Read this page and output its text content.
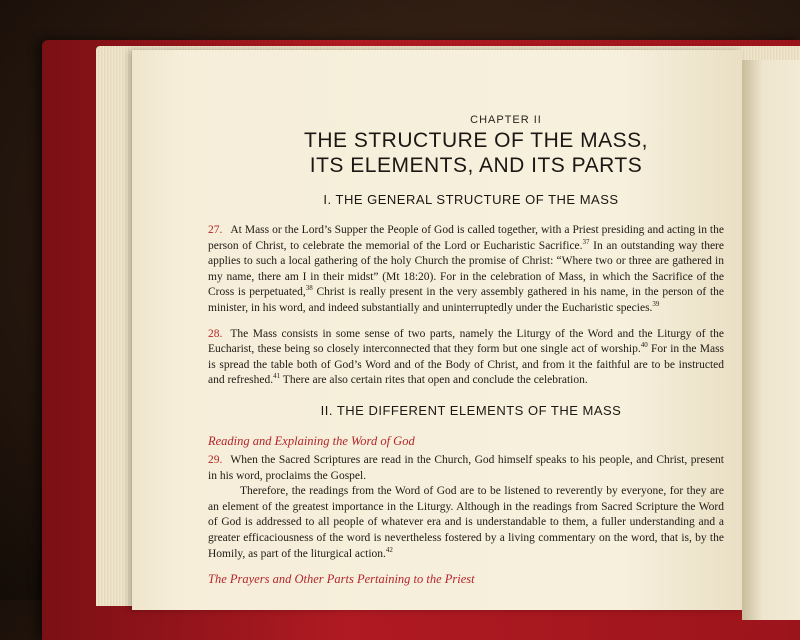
CHAPTER II
THE STRUCTURE OF THE MASS,
ITS ELEMENTS, AND ITS PARTS
I. THE GENERAL STRUCTURE OF THE MASS

27. At Mass or the Lord’s Supper the People of God is called together, with a Priest presiding and acting in the person of Christ, to celebrate the memorial of the Lord or Eucharistic Sacrifice.$^{37}$ In an outstanding way there applies to such a local gathering of the holy Church the promise of Christ: “Where two or three are gathered in my name, there am I in their midst” (Mt 18:20). For in the celebration of Mass, in which the Sacrifice of the Cross is perpetuated,$^{38}$ Christ is really present in the very assembly gathered in his name, in the person of the minister, in his word, and indeed substantially and uninterruptedly under the Eucharistic species.$^{39}$

28. The Mass consists in some sense of two parts, namely the Liturgy of the Word and the Liturgy of the Eucharist, these being so closely interconnected that they form but one single act of worship.$^{40}$ For in the Mass is spread the table both of God’s Word and of the Body of Christ, and from it the faithful are to be instructed and refreshed.$^{41}$ There are also certain rites that open and conclude the celebration.

II. THE DIFFERENT ELEMENTS OF THE MASS
Reading and Explaining the Word of God

29. When the Sacred Scriptures are read in the Church, God himself speaks to his people, and Christ, present in his word, proclaims the Gospel.

Therefore, the readings from the Word of God are to be listened to reverently by everyone, for they are an element of the greatest importance in the Liturgy. Although in the readings from Sacred Scripture the Word of God is addressed to all people of whatever era and is understandable to them, a fuller understanding and a greater efficaciousness of the word is nevertheless fostered by a living commentary on the word, that is, by the Homily, as part of the liturgical action.$^{42}$

The Prayers and Other Parts Pertaining to the Priest
